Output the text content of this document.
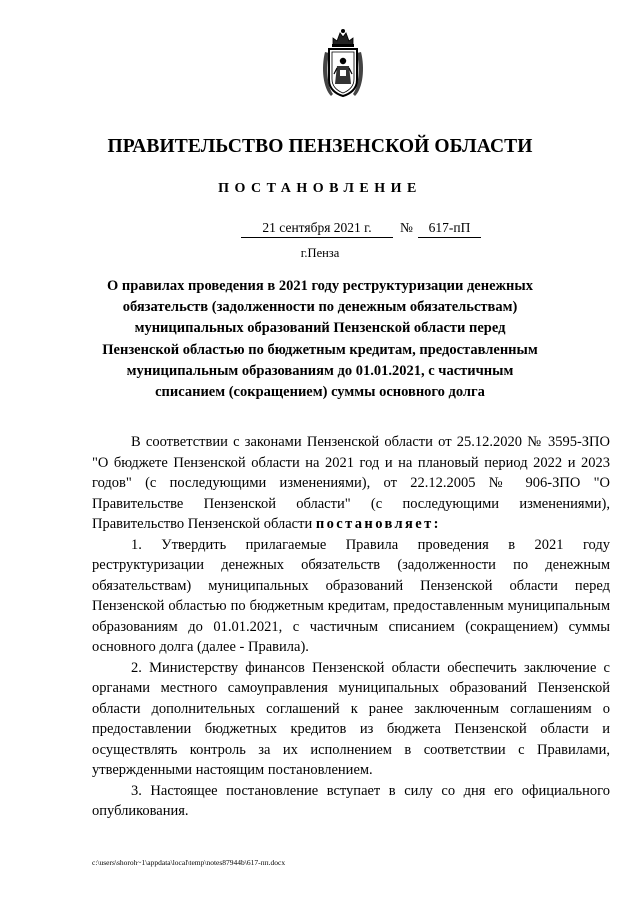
ПРАВИТЕЛЬСТВО ПЕНЗЕНСКОЙ ОБЛАСТИ
ПОСТАНОВЛЕНИЕ
21 сентября 2021 г.	№	617-пП
г.Пенза
О правилах проведения в 2021 году реструктуризации денежных обязательств (задолженности по денежным обязательствам) муниципальных образований Пензенской области перед Пензенской областью по бюджетным кредитам, предоставленным муниципальным образованиям до 01.01.2021, с частичным списанием (сокращением) суммы основного долга

В соответствии с законами Пензенской области от 25.12.2020 № 3595-ЗПО "О бюджете Пензенской области на 2021 год и на плановый период 2022 и 2023 годов" (с последующими изменениями), от 22.12.2005 № 906-ЗПО "О Правительстве Пензенской области" (с последующими изменениями), Правительство Пензенской области постановляет:

1. Утвердить прилагаемые Правила проведения в 2021 году реструктуризации денежных обязательств (задолженности по денежным обязательствам) муниципальных образований Пензенской области перед Пензенской областью по бюджетным кредитам, предоставленным муниципальным образованиям до 01.01.2021, с частичным списанием (сокращением) суммы основного долга (далее - Правила).

2. Министерству финансов Пензенской области обеспечить заключение с органами местного самоуправления муниципальных образований Пензенской области дополнительных соглашений к ранее заключенным соглашениям о предоставлении бюджетных кредитов из бюджета Пензенской области и осуществлять контроль за их исполнением в соответствии с Правилами, утвержденными настоящим постановлением.

3. Настоящее постановление вступает в силу со дня его официального опубликования.

c:\users\shoroh~1\appdata\local\temp\notes87944b\617-пп.docx
